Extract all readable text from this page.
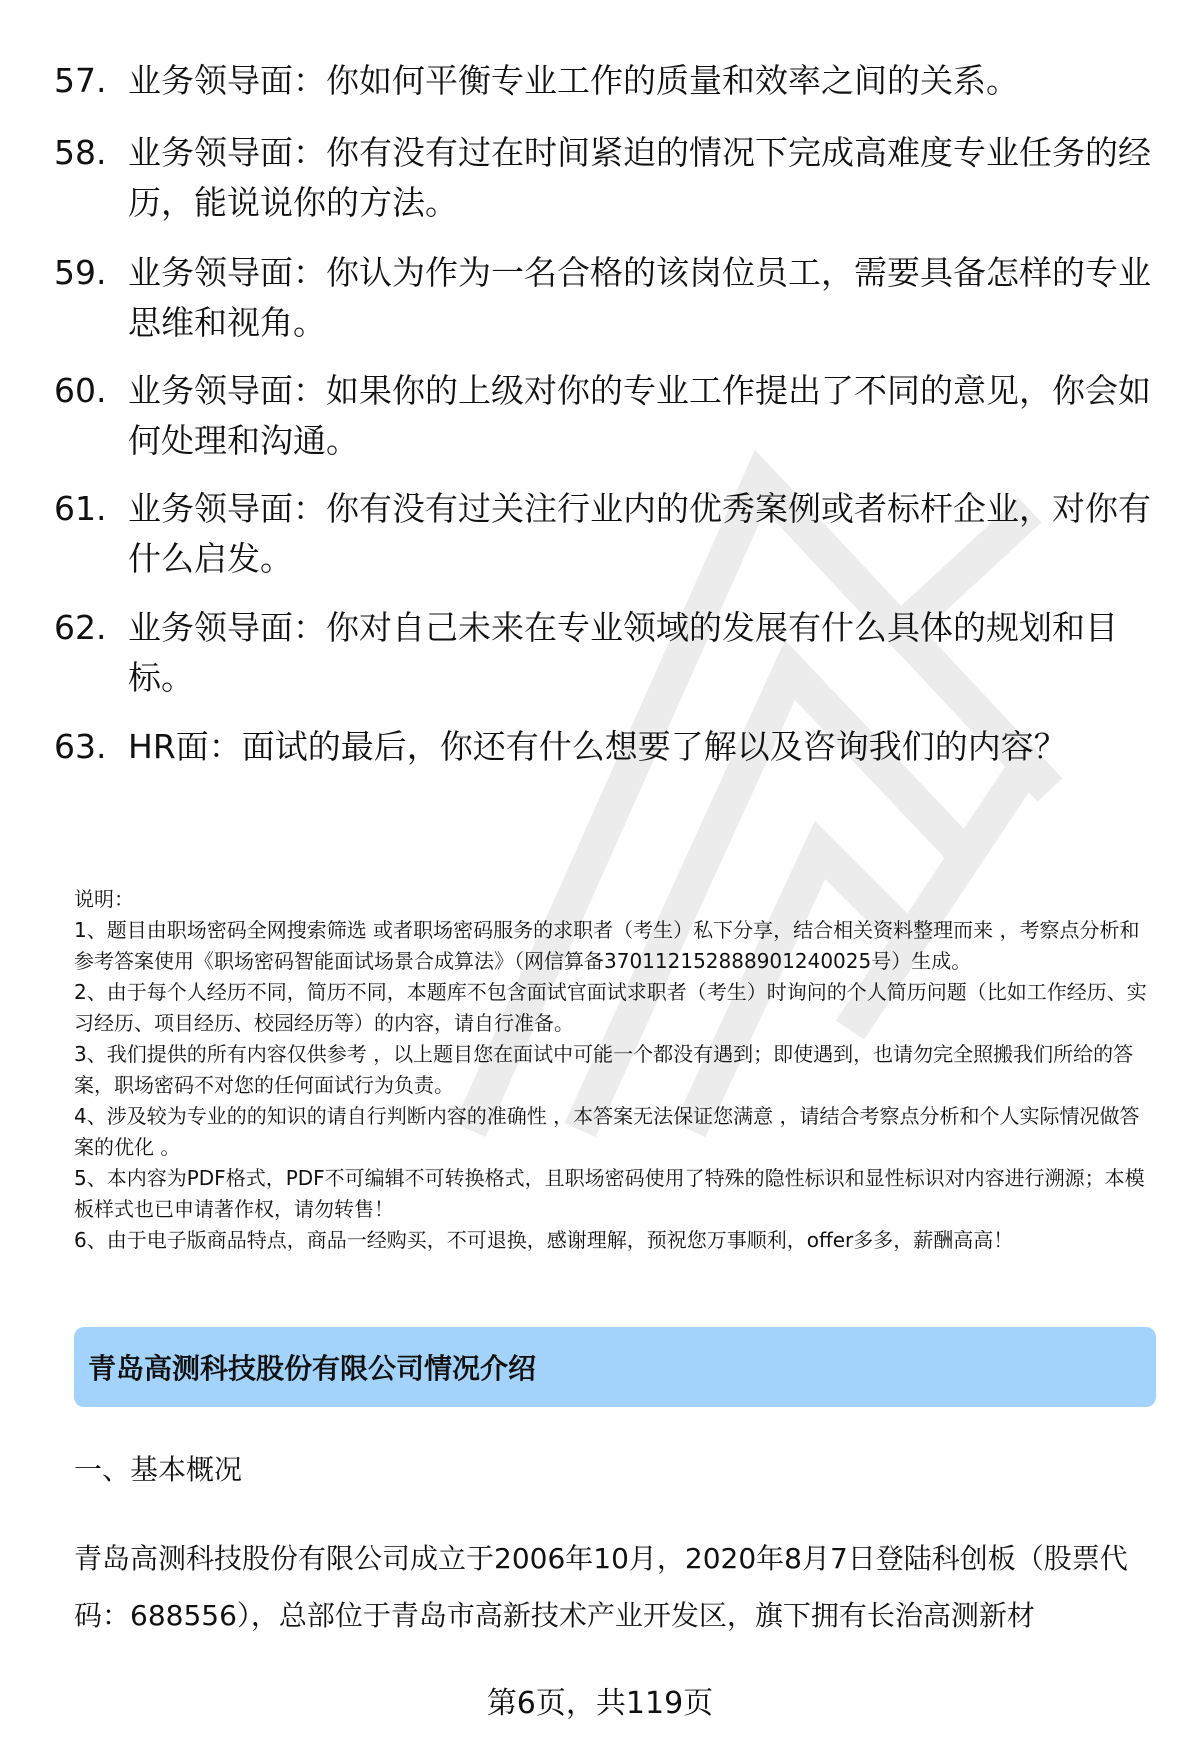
57. 业务领导面：你如何平衡专业工作的质量和效率之间的关系。
58. 业务领导面：你有没有过在时间紧迫的情况下完成高难度专业任务的经历，能说说你的方法。
59. 业务领导面：你认为作为一名合格的该岗位员工，需要具备怎样的专业思维和视角。
60. 业务领导面：如果你的上级对你的专业工作提出了不同的意见，你会如何处理和沟通。
61. 业务领导面：你有没有过关注行业内的优秀案例或者标杆企业，对你有什么启发。
62. 业务领导面：你对自己未来在专业领域的发展有什么具体的规划和目标。
63. HR面：面试的最后，你还有什么想要了解以及咨询我们的内容？
说明：
1、题目由职场密码全网搜索筛选 或者职场密码服务的求职者（考生）私下分享，结合相关资料整理而来 ，考察点分析和参考答案使用《职场密码智能面试场景合成算法》（网信算备370112152888901240025号）生成。
2、由于每个人经历不同，简历不同，本题库不包含面试官面试求职者（考生）时询问的个人简历问题（比如工作经历、实习经历、项目经历、校园经历等）的内容，请自行准备。
3、我们提供的所有内容仅供参考 ，以上题目您在面试中可能一个都没有遇到；即使遇到，也请勿完全照搬我们所给的答案，职场密码不对您的任何面试行为负责。
4、涉及较为专业的的知识的请自行判断内容的准确性 ，本答案无法保证您满意 ，请结合考察点分析和个人实际情况做答案的优化 。
5、本内容为PDF格式，PDF不可编辑不可转换格式，且职场密码使用了特殊的隐性标识和显性标识对内容进行溯源；本模板样式也已申请著作权，请勿转售！
6、由于电子版商品特点，商品一经购买，不可退换，感谢理解，预祝您万事顺利，offer多多，薪酬高高！
青岛高测科技股份有限公司情况介绍
一、基本概况
青岛高测科技股份有限公司成立于2006年10月，2020年8月7日登陆科创板（股票代码：688556），总部位于青岛市高新技术产业开发区，旗下拥有长治高测新材
第6页，共119页
